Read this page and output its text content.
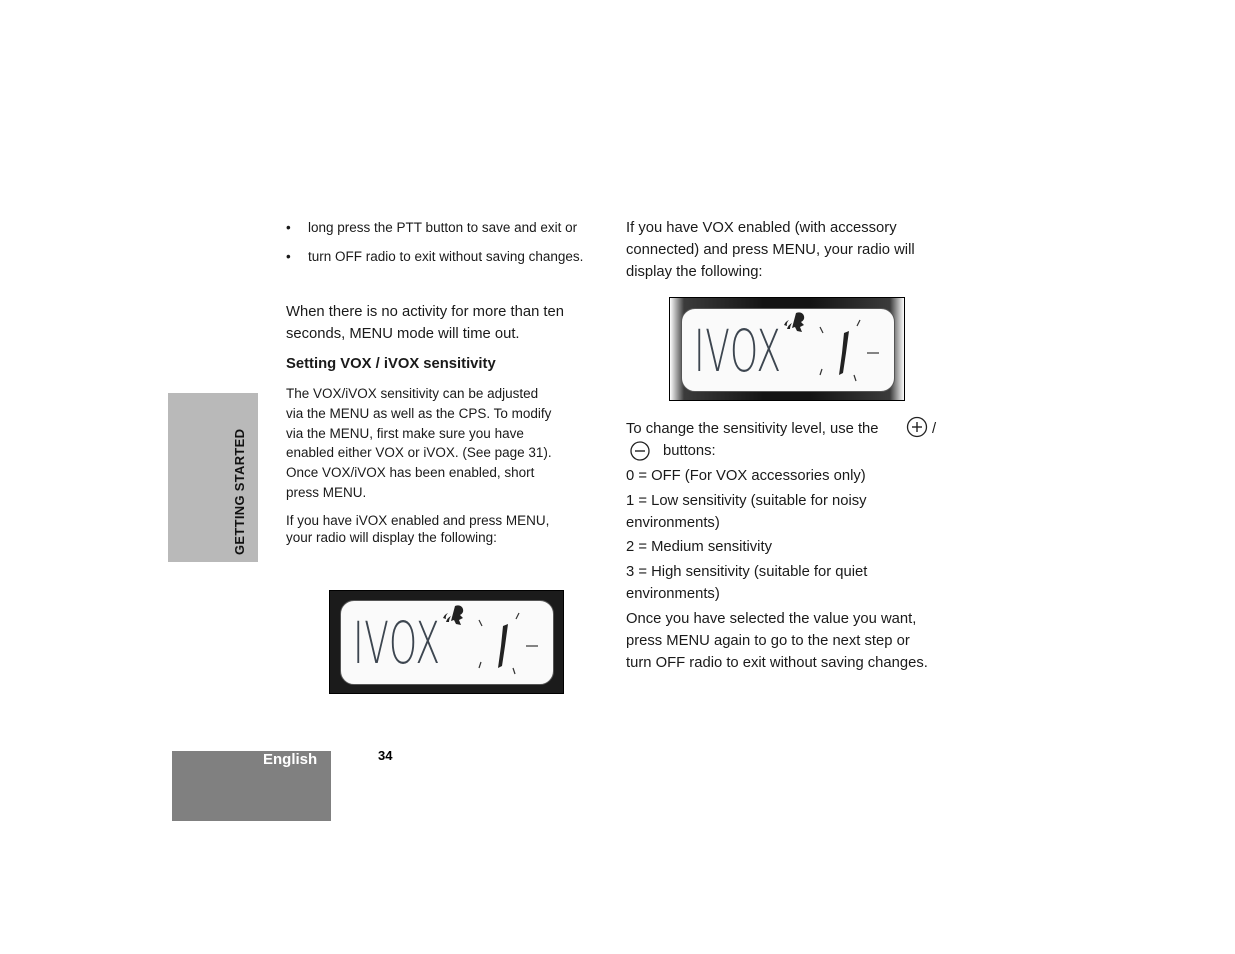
GETTING STARTED
• long press the PTT button to save and exit or
• turn OFF radio to exit without saving changes.
When there is no activity for more than ten
seconds, MENU mode will time out.
Setting VOX / iVOX sensitivity
The VOX/iVOX sensitivity can be adjusted
via the MENU as well as the CPS. To modify
via the MENU, first make sure you have
enabled either VOX or iVOX. (See page 31).
Once VOX/iVOX has been enabled, short
press MENU.
If you have iVOX enabled and press MENU,
your radio will display the following:
IVOX
If you have VOX enabled (with accessory
connected) and press MENU, your radio will
display the following:
IVOX
To change the sensitivity level, use the	/
buttons:
0 = OFF (For VOX accessories only)
1 = Low sensitivity (suitable for noisy
environments)
2 = Medium sensitivity
3 = High sensitivity (suitable for quiet
environments)
Once you have selected the value you want,
press MENU again to go to the next step or
turn OFF radio to exit without saving changes.
English	34
